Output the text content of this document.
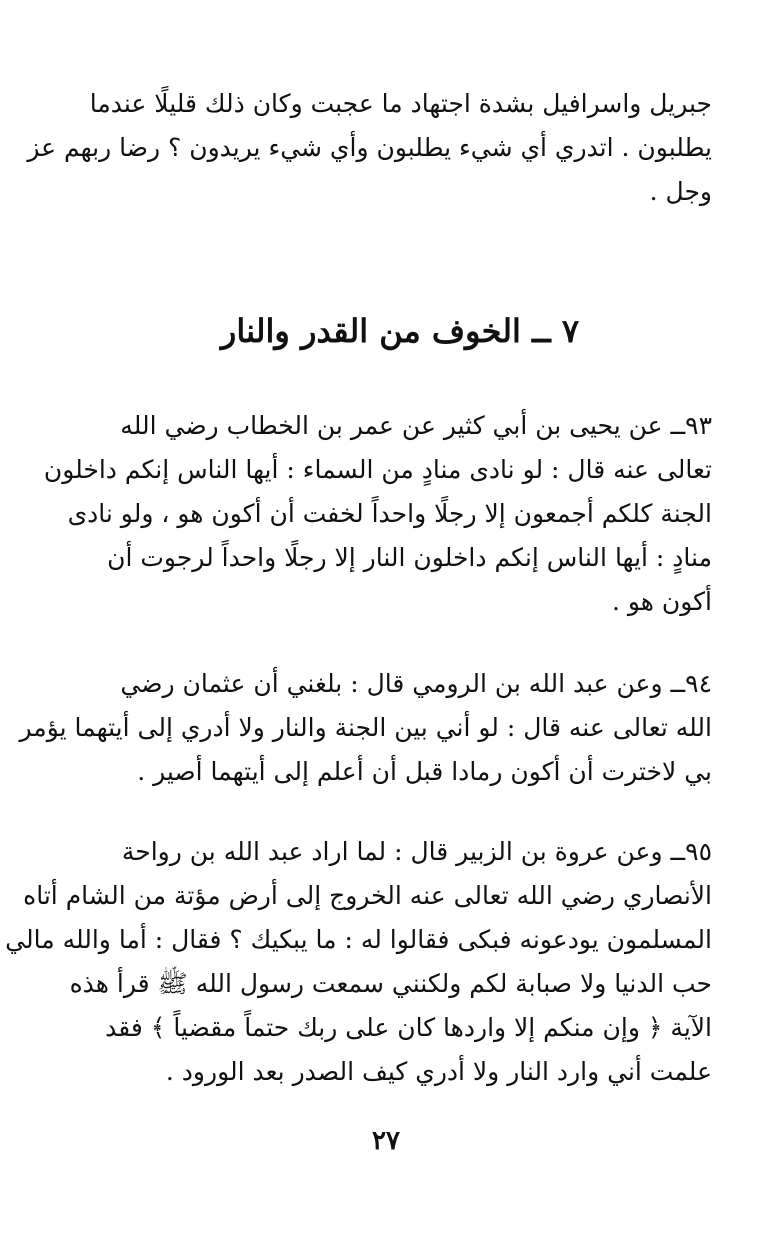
جبريل واسرافيل بشدة اجتهاد ما عجبت وكان ذلك قليلًا عندما
يطلبون . اتدري أي شيء يطلبون وأي شيء يريدون ؟ رضا ربهم عز
وجل .
٧ ــ الخوف من القدر والنار
٩٣ــ عن يحيى بن أبي كثير عن عمر بن الخطاب رضي الله
تعالى عنه قال : لو نادى منادٍ من السماء : أيها الناس إنكم داخلون
الجنة كلكم أجمعون إلا رجلًا واحداً لخفت أن أكون هو ، ولو نادى
منادٍ : أيها الناس إنكم داخلون النار إلا رجلًا واحداً لرجوت أن
أكون هو .
٩٤ــ وعن عبد الله بن الرومي قال : بلغني أن عثمان رضي
الله تعالى عنه قال : لو أني بين الجنة والنار ولا أدري إلى أيتهما يؤمر
بي لاخترت أن أكون رمادا قبل أن أعلم إلى أيتهما أصير .
٩٥ــ وعن عروة بن الزبير قال : لما اراد عبد الله بن رواحة
الأنصاري رضي الله تعالى عنه الخروج إلى أرض مؤتة من الشام أتاه
المسلمون يودعونه فبكى فقالوا له : ما يبكيك ؟ فقال : أما والله مالي
حب الدنيا ولا صبابة لكم ولكنني سمعت رسول الله ﷺ قرأ هذه
الآية ﴿ وإن منكم إلا واردها كان على ربك حتماً مقضياً ﴾ فقد
علمت أني وارد النار ولا أدري كيف الصدر بعد الورود .
٢٧
